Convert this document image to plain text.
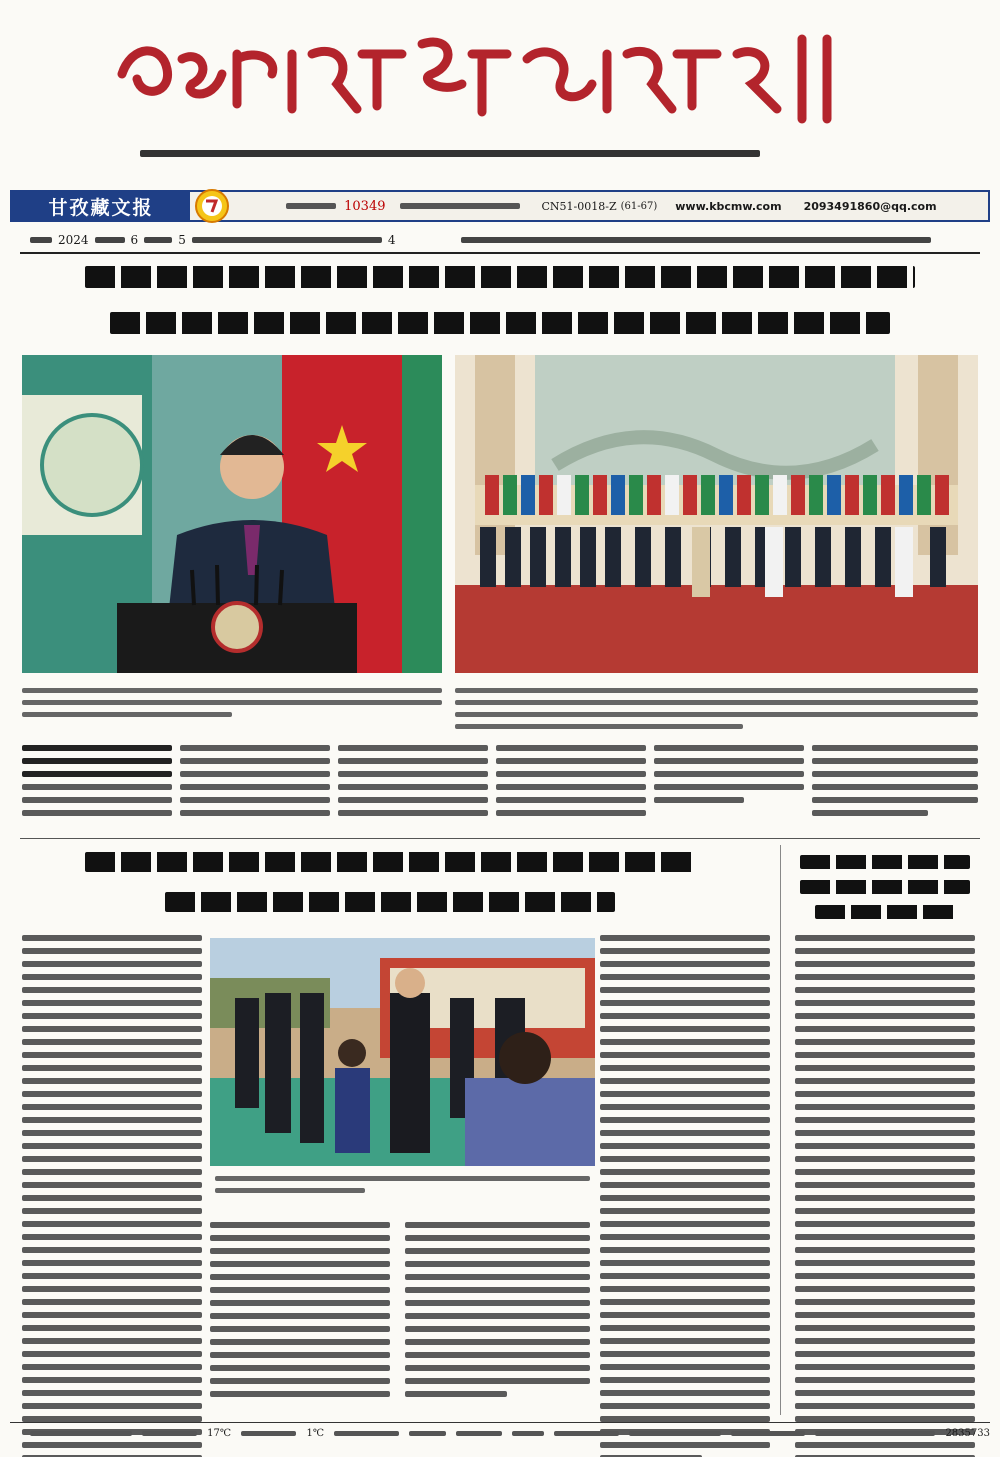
甘孜藏文报	10349	CN51-0018-Z (61-67) www.kbcmw.com 2093491860@qq.com
2024	6	5	4
17℃	1℃	2835733
